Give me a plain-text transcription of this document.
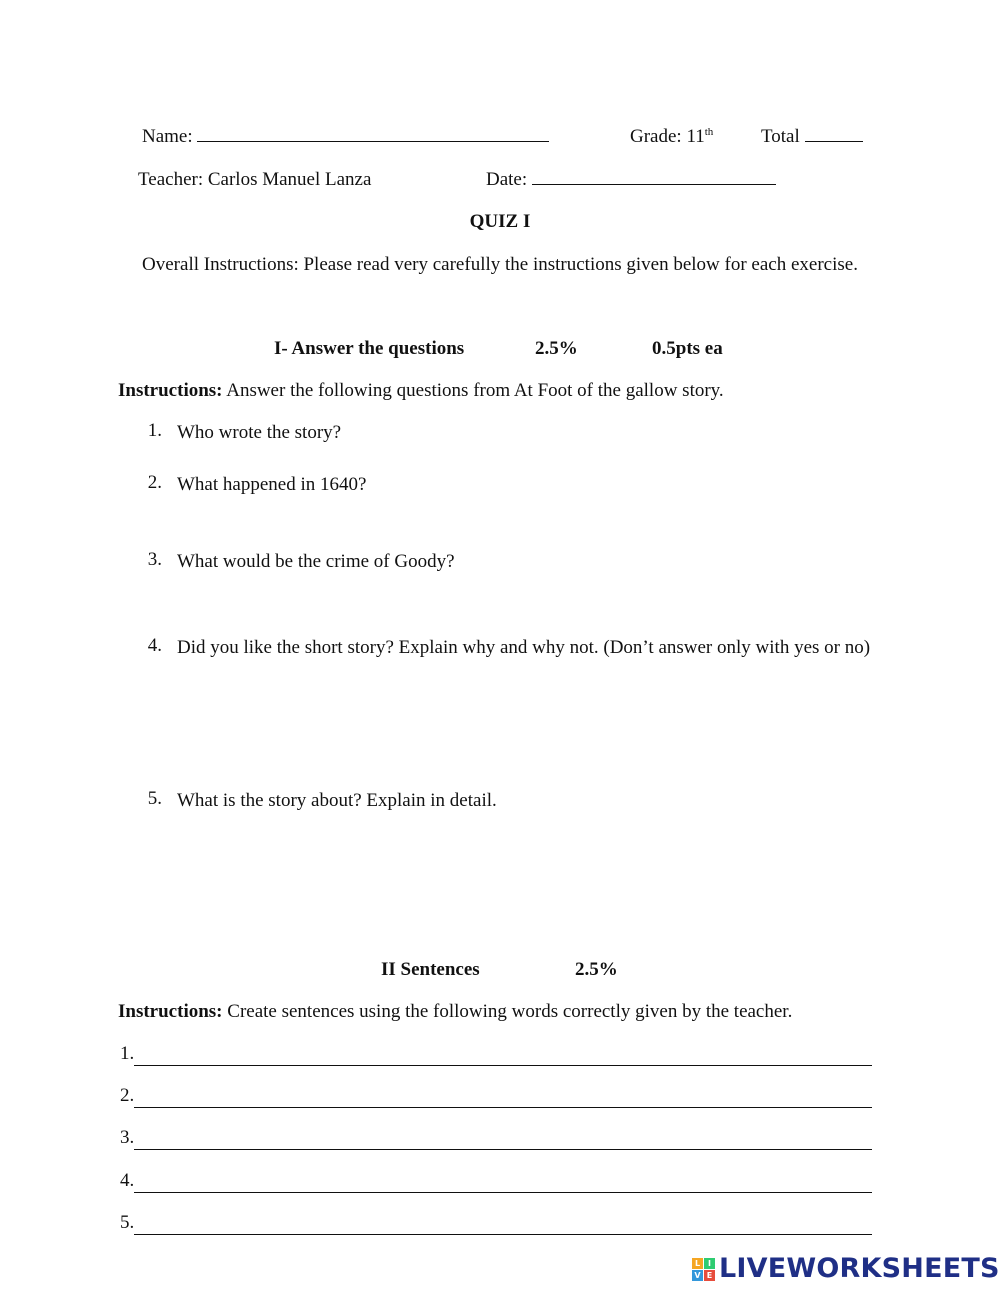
Name:	Grade: 11th	Total
Teacher: Carlos Manuel Lanza	Date:
QUIZ I
Overall Instructions: Please read very carefully the instructions given below for each exercise.
I- Answer the questions	2.5%	0.5pts ea
Instructions: Answer the following questions from At Foot of the gallow story.
1. Who wrote the story?
2. What happened in 1640?
3. What would be the crime of Goody?
4. Did you like the short story? Explain why and why not. (Don’t answer only with yes or no)
5. What is the story about? Explain in detail.
II Sentences	2.5%
Instructions: Create sentences using the following words correctly given by the teacher.
1.
2.
3.
4.
5.
L I
V E LIVEWORKSHEETS
